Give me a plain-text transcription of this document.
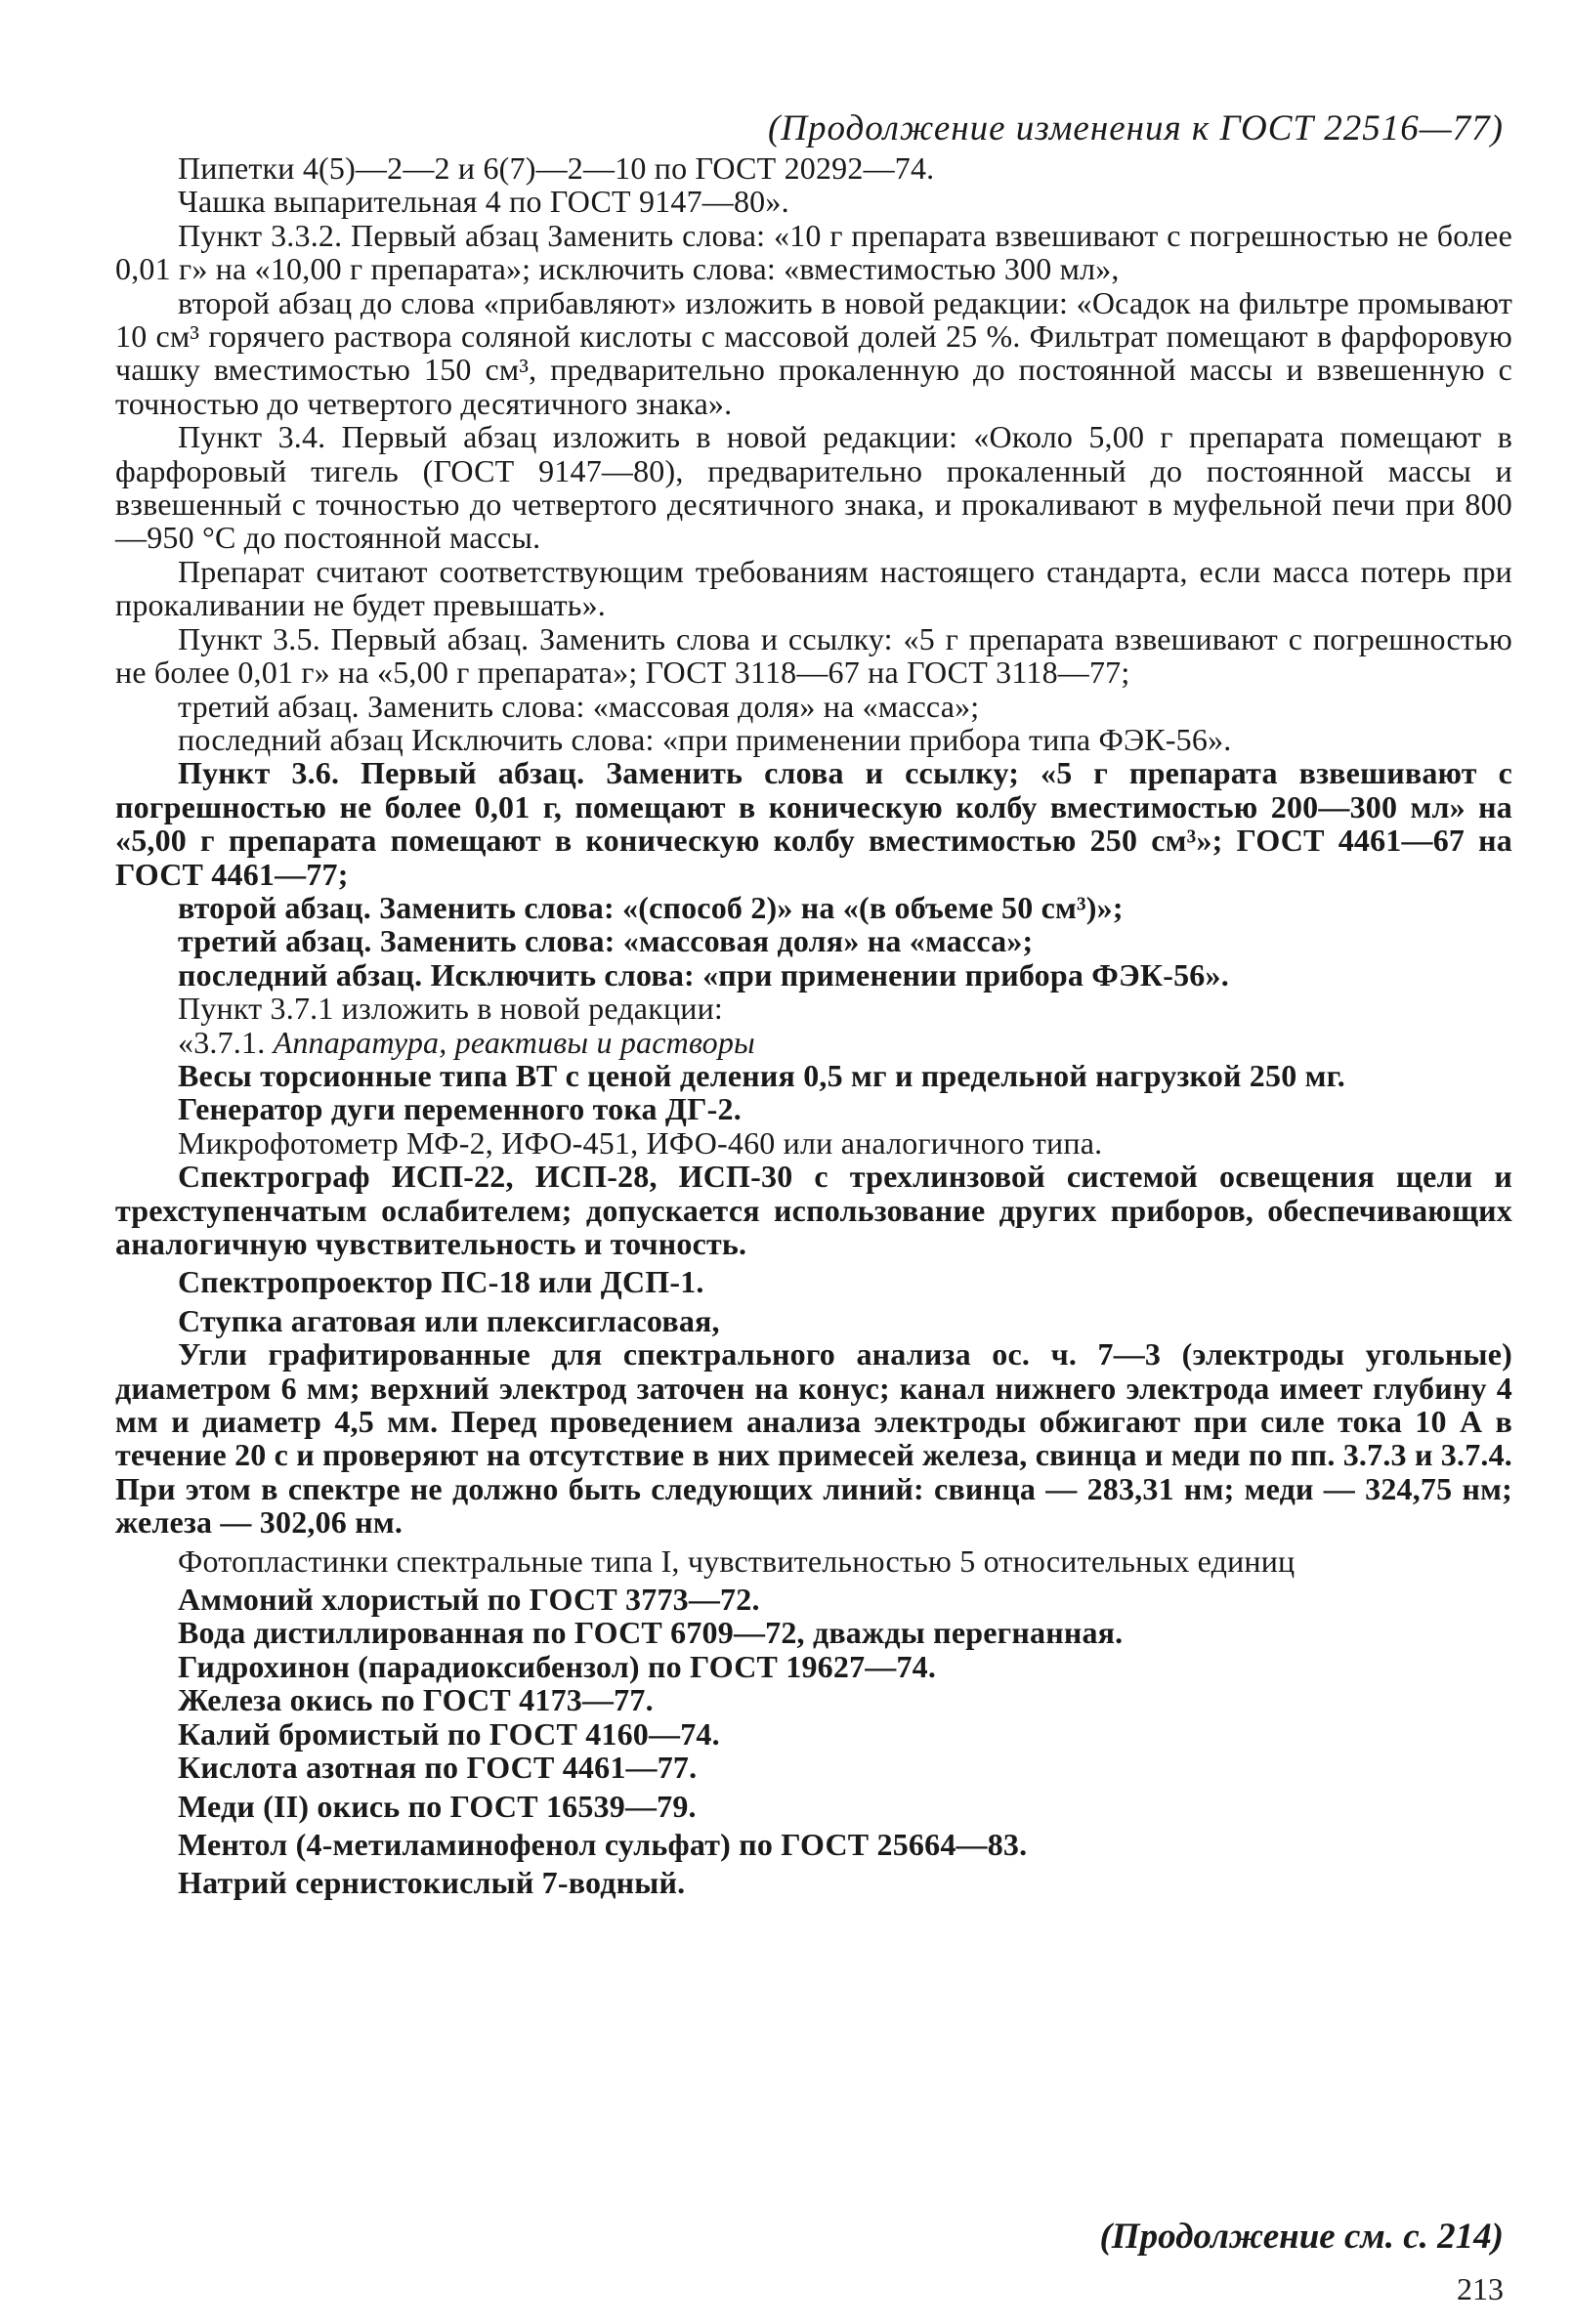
(Продолжение изменения к ГОСТ 22516—77)

Пипетки 4(5)—2—2 и 6(7)—2—10 по ГОСТ 20292—74.

Чашка выпарительная 4 по ГОСТ 9147—80».

Пункт 3.3.2. Первый абзац Заменить слова: «10 г препарата взвешивают с погрешностью не более 0,01 г» на «10,00 г препарата»; исключить слова: «вместимостью 300 мл»,

второй абзац до слова «прибавляют» изложить в новой редакции: «Осадок на фильтре промывают 10 см³ горячего раствора соляной кислоты с массовой долей 25 %. Фильтрат помещают в фарфоровую чашку вместимостью 150 см³, предварительно прокаленную до постоянной массы и взвешенную с точностью до четвертого десятичного знака».

Пункт 3.4. Первый абзац изложить в новой редакции: «Около 5,00 г препарата помещают в фарфоровый тигель (ГОСТ 9147—80), предварительно прокаленный до постоянной массы и взвешенный с точностью до четвертого десятичного знака, и прокаливают в муфельной печи при 800—950 °С до постоянной массы.

Препарат считают соответствующим требованиям настоящего стандарта, если масса потерь при прокаливании не будет превышать».

Пункт 3.5. Первый абзац. Заменить слова и ссылку: «5 г препарата взвешивают с погрешностью не более 0,01 г» на «5,00 г препарата»; ГОСТ 3118—67 на ГОСТ 3118—77;

третий абзац. Заменить слова: «массовая доля» на «масса»;

последний абзац Исключить слова: «при применении прибора типа ФЭК-56».

Пункт 3.6. Первый абзац. Заменить слова и ссылку; «5 г препарата взвешивают с погрешностью не более 0,01 г, помещают в коническую колбу вместимостью 200—300 мл» на «5,00 г препарата помещают в коническую колбу вместимостью 250 см³»; ГОСТ 4461—67 на ГОСТ 4461—77;

второй абзац. Заменить слова: «(способ 2)» на «(в объеме 50 см³)»;

третий абзац. Заменить слова: «массовая доля» на «масса»;

последний абзац. Исключить слова: «при применении прибора ФЭК-56».

Пункт 3.7.1 изложить в новой редакции:

«3.7.1. Аппаратура, реактивы и растворы

Весы торсионные типа ВТ с ценой деления 0,5 мг и предельной нагрузкой 250 мг.

Генератор дуги переменного тока ДГ-2.

Микрофотометр МФ-2, ИФО-451, ИФО-460 или аналогичного типа.

Спектрограф ИСП-22, ИСП-28, ИСП-30 с трехлинзовой системой освещения щели и трехступенчатым ослабителем; допускается использование других приборов, обеспечивающих аналогичную чувствительность и точность.

Спектропроектор ПС-18 или ДСП-1.

Ступка агатовая или плексигласовая,

Угли графитированные для спектрального анализа ос. ч. 7—3 (электроды угольные) диаметром 6 мм; верхний электрод заточен на конус; канал нижнего электрода имеет глубину 4 мм и диаметр 4,5 мм. Перед проведением анализа электроды обжигают при силе тока 10 А в течение 20 с и проверяют на отсутствие в них примесей железа, свинца и меди по пп. 3.7.3 и 3.7.4. При этом в спектре не должно быть следующих линий: свинца — 283,31 нм; меди — 324,75 нм; железа — 302,06 нм.

Фотопластинки спектральные типа I, чувствительностью 5 относительных единиц

Аммоний хлористый по ГОСТ 3773—72.

Вода дистиллированная по ГОСТ 6709—72, дважды перегнанная.

Гидрохинон (парадиоксибензол) по ГОСТ 19627—74.

Железа окись по ГОСТ 4173—77.

Калий бромистый по ГОСТ 4160—74.

Кислота азотная по ГОСТ 4461—77.

Меди (II) окись по ГОСТ 16539—79.

Ментол (4-метиламинофенол сульфат) по ГОСТ 25664—83.

Натрий сернистокислый 7-водный.

(Продолжение см. с. 214)
213
